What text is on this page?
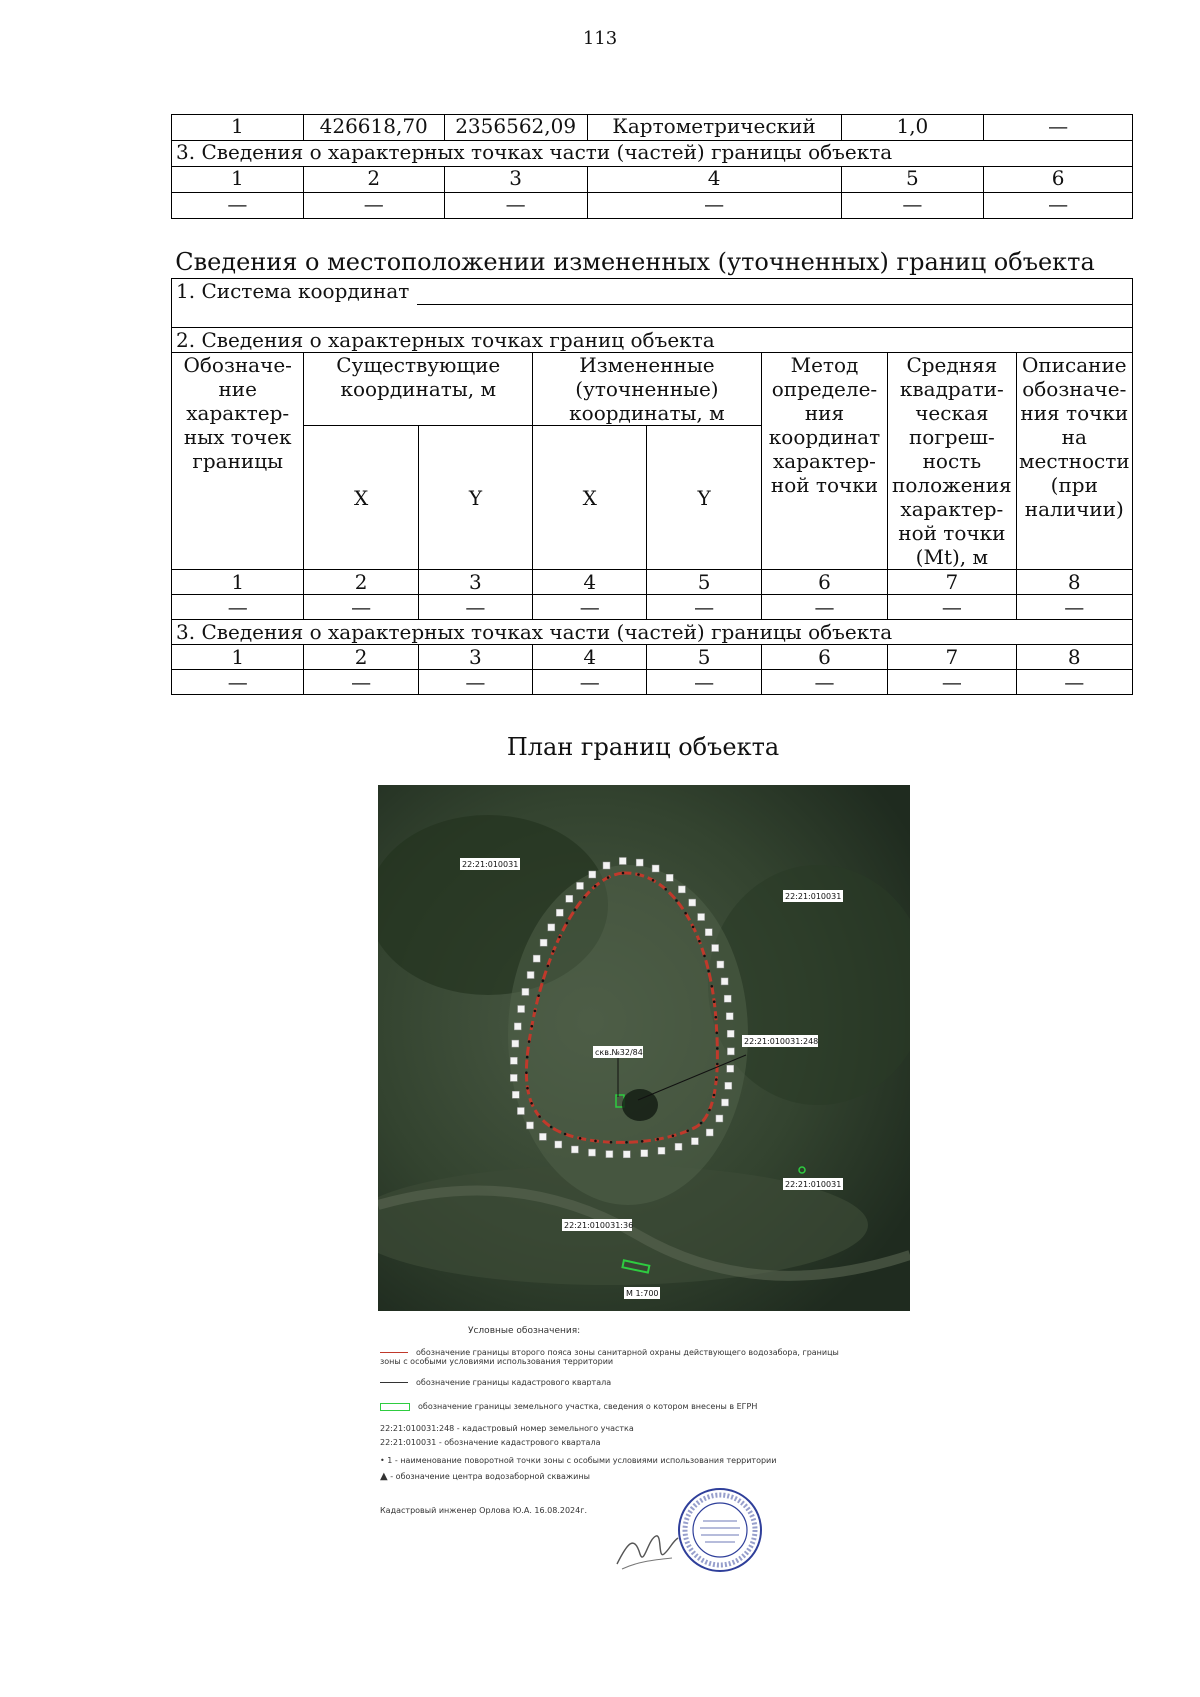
113
1	426618,70	2356562,09	Картометрический	1,0	—
3. Сведения о характерных точках части (частей) границы объекта					
1	2	3	4	5	6
—	—	—	—	—	—
Сведения о местоположении измененных (уточненных) границ объекта
1. Система координат							

2. Сведения о характерных точках границ объекта							
Обозначе-ние характер-ных точек границы	Существующие координаты, м		Измененные (уточненные) координаты, м		Метод определе-ния координат характер-ной точки	Средняя квадрати-ческая погреш-ность положения характер-ной точки (Mt), м	Описание обозначе-ния точки на местности (при наличии)
	X	Y	X	Y			
1	2	3	4	5	6	7	8
—	—	—	—	—	—	—	—
3. Сведения о характерных точках части (частей) границы объекта							
1	2	3	4	5	6	7	8
—	—	—	—	—	—	—	—
План границ объекта
22:21:010031
22:21:010031
22:21:010031:248
скв.№32/84
22:21:010031
22:21:010031:36
М 1:700
Условные обозначения:
обозначение границы второго пояса зоны санитарной охраны действующего водозабора, границы зоны с особыми условиями использования территории
обозначение границы кадастрового квартала
обозначение границы земельного участка, сведения о котором внесены в ЕГРН
22:21:010031:248 - кадастровый номер земельного участка
22:21:010031 - обозначение кадастрового квартала
• 1 - наименование поворотной точки зоны с особыми условиями использования территории
▲ - обозначение центра водозаборной скважины
Кадастровый инженер Орлова Ю.А. 16.08.2024г.
